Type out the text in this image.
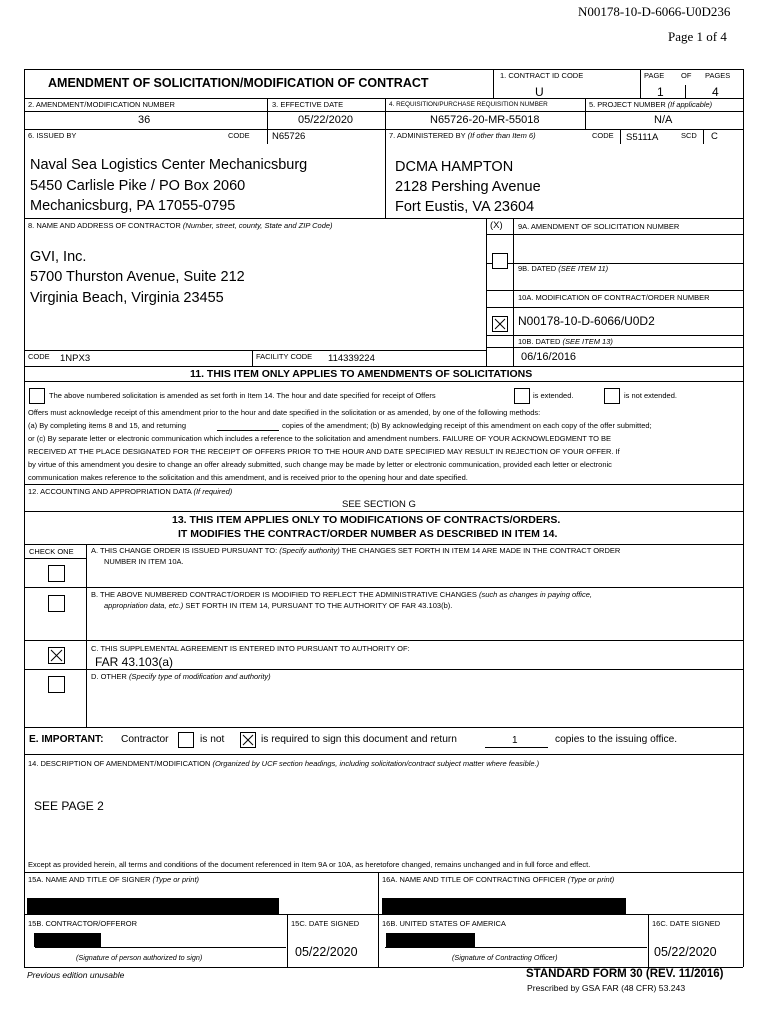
N00178-10-D-6066-U0D236
Page 1 of 4
AMENDMENT OF SOLICITATION/MODIFICATION OF CONTRACT
1. CONTRACT ID CODE
U
PAGE OF PAGES
1	4
2. AMENDMENT/MODIFICATION NUMBER
36
3. EFFECTIVE DATE
05/22/2020
4. REQUISITION/PURCHASE REQUISITION NUMBER
N65726-20-MR-55018
5. PROJECT NUMBER (If applicable)
N/A
6. ISSUED BY	CODE N65726	7. ADMINISTERED BY (If other than Item 6)	CODE S5111A	SCD C
Naval Sea Logistics Center Mechanicsburg
5450 Carlisle Pike / PO Box 2060
Mechanicsburg, PA 17055-0795
DCMA HAMPTON
2128 Pershing Avenue
Fort Eustis, VA 23604
8. NAME AND ADDRESS OF CONTRACTOR (Number, street, county, State and ZIP Code)	(X) 9A. AMENDMENT OF SOLICITATION NUMBER
9B. DATED (SEE ITEM 11)
10A. MODIFICATION OF CONTRACT/ORDER NUMBER
N00178-10-D-6066/U0D2
10B. DATED (SEE ITEM 13)
06/16/2016
GVI, Inc.
5700 Thurston Avenue, Suite 212
Virginia Beach, Virginia 23455
CODE 1NPX3	FACILITY CODE 114339224
11. THIS ITEM ONLY APPLIES TO AMENDMENTS OF SOLICITATIONS
The above numbered solicitation is amended as set forth in Item 14. The hour and date specified for receipt of Offers	is extended.	is not extended.
Offers must acknowledge receipt of this amendment prior to the hour and date specified in the solicitation or as amended, by one of the following methods:
(a) By completing items 8 and 15, and returning	copies of the amendment; (b) By acknowledging receipt of this amendment on each copy of the offer submitted;
or (c) By separate letter or electronic communication which includes a reference to the solicitation and amendment numbers. FAILURE OF YOUR ACKNOWLEDGMENT TO BE
RECEIVED AT THE PLACE DESIGNATED FOR THE RECEIPT OF OFFERS PRIOR TO THE HOUR AND DATE SPECIFIED MAY RESULT IN REJECTION OF YOUR OFFER. If
by virtue of this amendment you desire to change an offer already submitted, such change may be made by letter or electronic communication, provided each letter or electronic
communication makes reference to the solicitation and this amendment, and is received prior to the opening hour and date specified.
12. ACCOUNTING AND APPROPRIATION DATA (If required)
SEE SECTION G
13. THIS ITEM APPLIES ONLY TO MODIFICATIONS OF CONTRACTS/ORDERS.
IT MODIFIES THE CONTRACT/ORDER NUMBER AS DESCRIBED IN ITEM 14.
CHECK ONE A. THIS CHANGE ORDER IS ISSUED PURSUANT TO: (Specify authority) THE CHANGES SET FORTH IN ITEM 14 ARE MADE IN THE CONTRACT ORDER
NUMBER IN ITEM 10A.
B. THE ABOVE NUMBERED CONTRACT/ORDER IS MODIFIED TO REFLECT THE ADMINISTRATIVE CHANGES (such as changes in paying office,
appropriation data, etc.) SET FORTH IN ITEM 14, PURSUANT TO THE AUTHORITY OF FAR 43.103(b).
C. THIS SUPPLEMENTAL AGREEMENT IS ENTERED INTO PURSUANT TO AUTHORITY OF:
FAR 43.103(a)
D. OTHER (Specify type of modification and authority)
E. IMPORTANT: Contractor	is not	is required to sign this document and return	1	copies to the issuing office.
14. DESCRIPTION OF AMENDMENT/MODIFICATION (Organized by UCF section headings, including solicitation/contract subject matter where feasible.)
SEE PAGE 2
Except as provided herein, all terms and conditions of the document referenced in Item 9A or 10A, as heretofore changed, remains unchanged and in full force and effect.
15A. NAME AND TITLE OF SIGNER (Type or print)	16A. NAME AND TITLE OF CONTRACTING OFFICER (Type or print)
15B. CONTRACTOR/OFFEROR
(Signature of person authorized to sign)
15C. DATE SIGNED
05/22/2020
16B. UNITED STATES OF AMERICA
(Signature of Contracting Officer)
16C. DATE SIGNED
05/22/2020
Previous edition unusable	STANDARD FORM 30 (REV. 11/2016)
Prescribed by GSA FAR (48 CFR) 53.243
